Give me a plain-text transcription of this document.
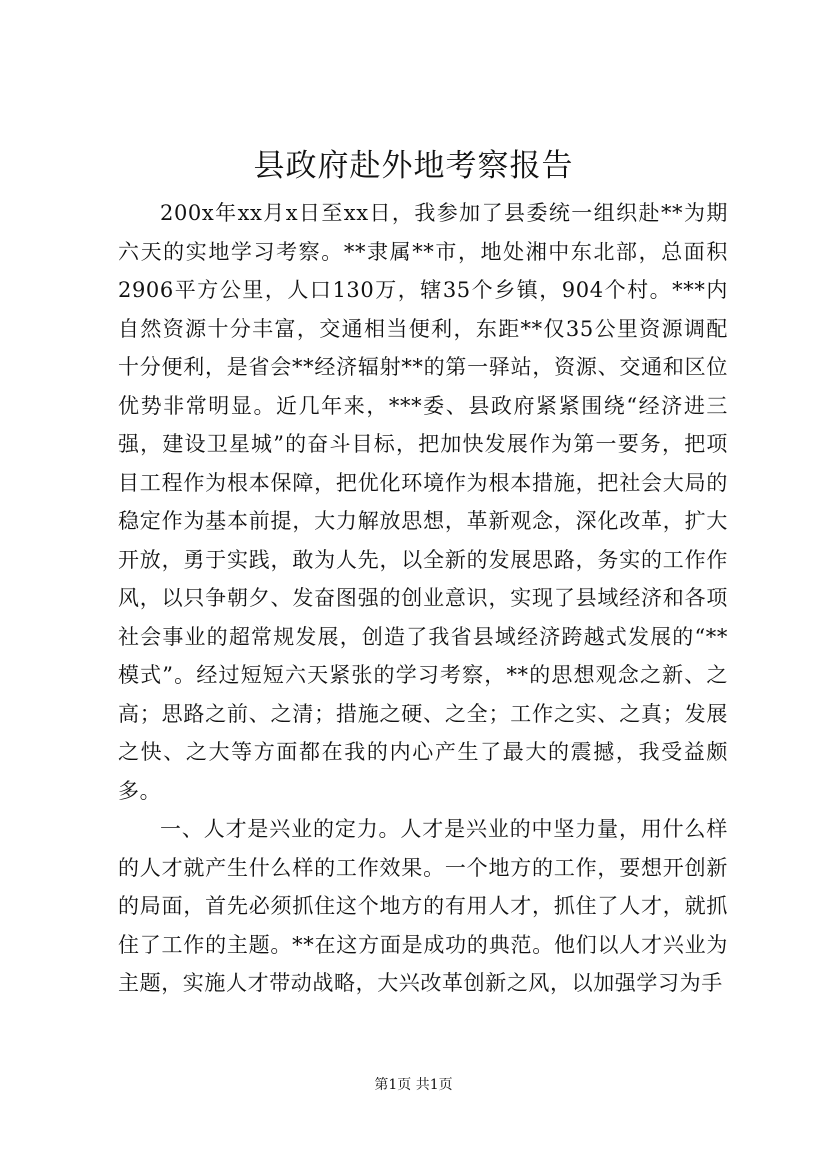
县政府赴外地考察报告

200x年xx月x日至xx日，我参加了县委统一组织赴**为期六天的实地学习考察。**隶属**市，地处湘中东北部，总面积2906平方公里，人口130万，辖35个乡镇，904个村。***内自然资源十分丰富，交通相当便利，东距**仅35公里资源调配十分便利，是省会**经济辐射**的第一驿站，资源、交通和区位优势非常明显。近几年来，***委、县政府紧紧围绕“经济进三强，建设卫星城”的奋斗目标，把加快发展作为第一要务，把项目工程作为根本保障，把优化环境作为根本措施，把社会大局的稳定作为基本前提，大力解放思想，革新观念，深化改革，扩大开放，勇于实践，敢为人先，以全新的发展思路，务实的工作作风，以只争朝夕、发奋图强的创业意识，实现了县域经济和各项社会事业的超常规发展，创造了我省县域经济跨越式发展的“**模式”。经过短短六天紧张的学习考察，**的思想观念之新、之高；思路之前、之清；措施之硬、之全；工作之实、之真；发展之快、之大等方面都在我的内心产生了最大的震撼，我受益颇多。

一、人才是兴业的定力。人才是兴业的中坚力量，用什么样的人才就产生什么样的工作效果。一个地方的工作，要想开创新的局面，首先必须抓住这个地方的有用人才，抓住了人才，就抓住了工作的主题。**在这方面是成功的典范。他们以人才兴业为主题，实施人才带动战略，大兴改革创新之风，以加强学习为手

第1页 共1页
